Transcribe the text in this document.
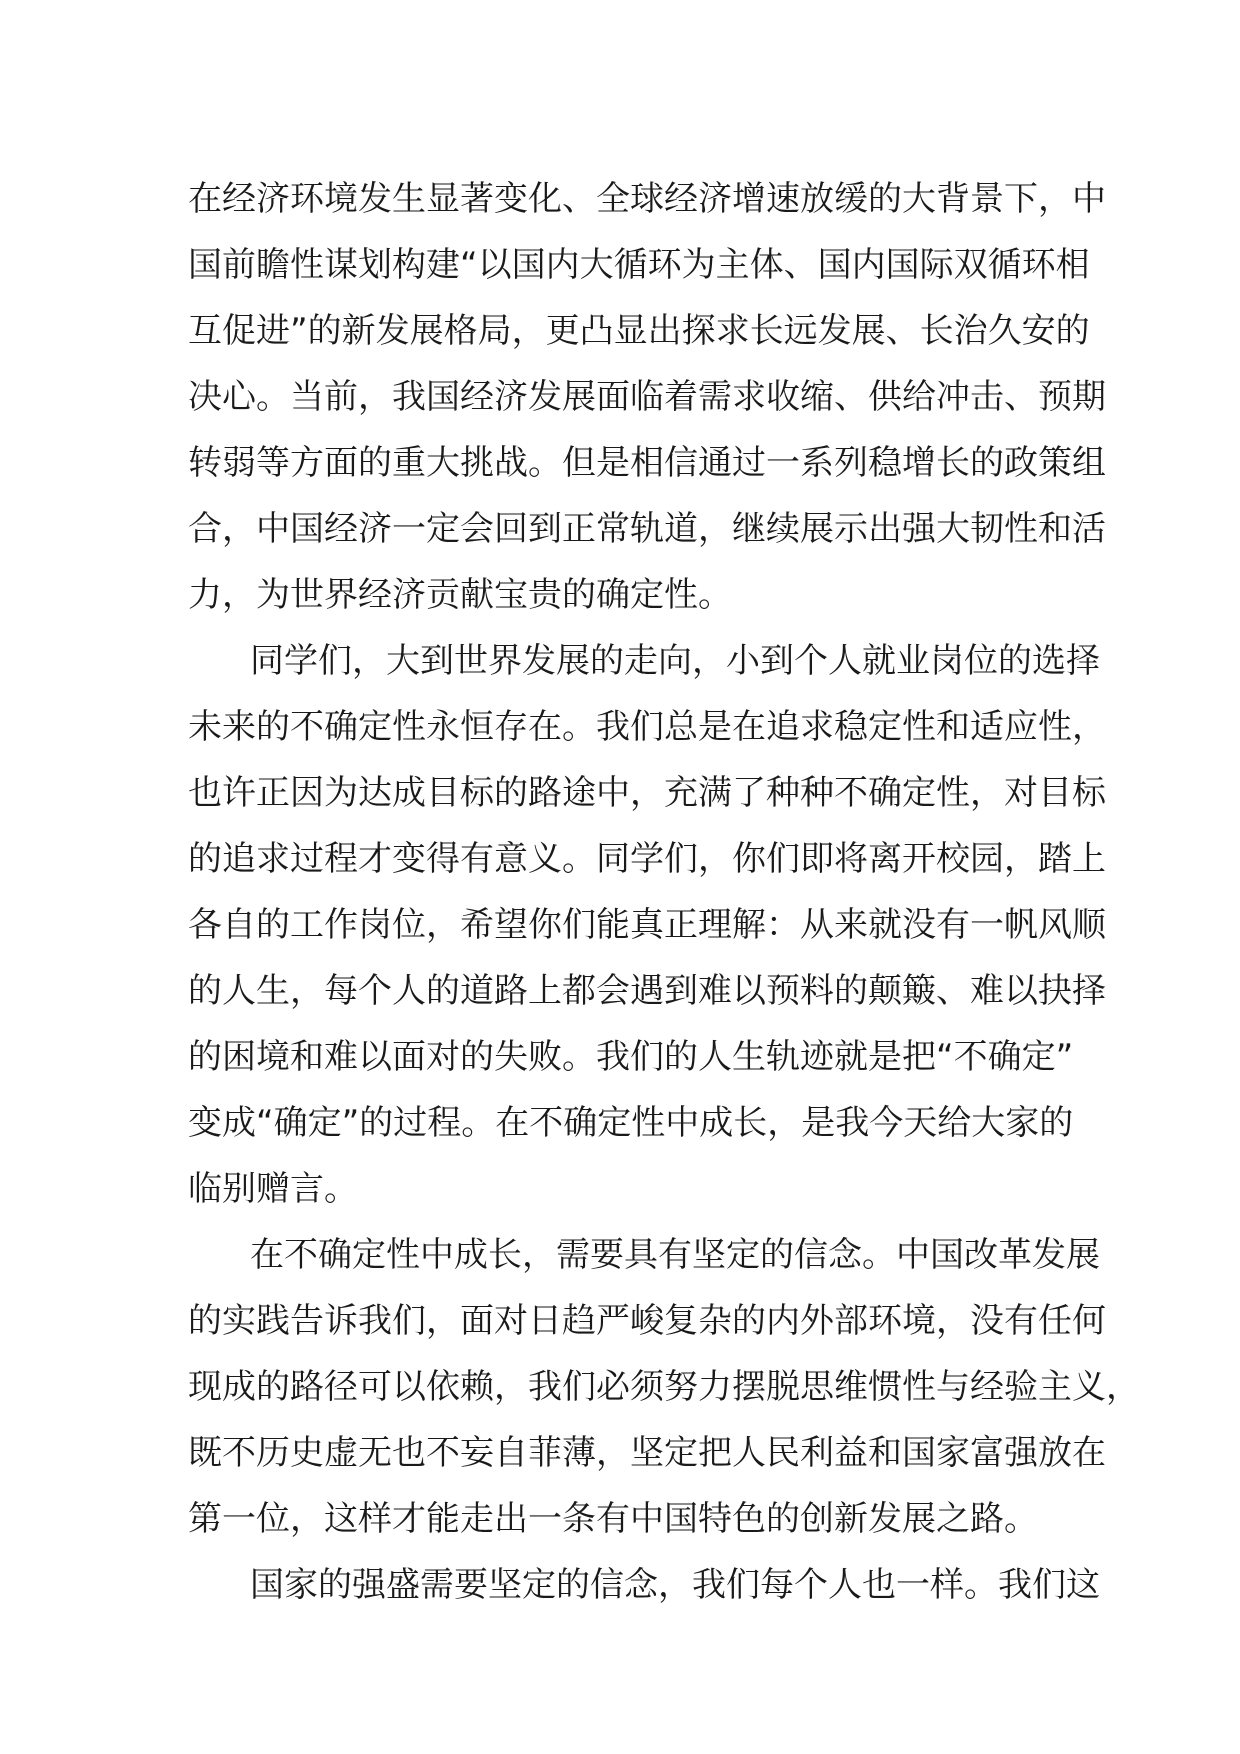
在经济环境发生显著变化、全球经济增速放缓的大背景下，中
国前瞻性谋划构建“以国内大循环为主体、国内国际双循环相
互促进”的新发展格局，更凸显出探求长远发展、长治久安的
决心。当前，我国经济发展面临着需求收缩、供给冲击、预期
转弱等方面的重大挑战。但是相信通过一系列稳增长的政策组
合，中国经济一定会回到正常轨道，继续展示出强大韧性和活
力，为世界经济贡献宝贵的确定性。
同学们，大到世界发展的走向，小到个人就业岗位的选择
未来的不确定性永恒存在。我们总是在追求稳定性和适应性，
也许正因为达成目标的路途中，充满了种种不确定性，对目标
的追求过程才变得有意义。同学们，你们即将离开校园，踏上
各自的工作岗位，希望你们能真正理解：从来就没有一帆风顺
的人生，每个人的道路上都会遇到难以预料的颠簸、难以抉择
的困境和难以面对的失败。我们的人生轨迹就是把“不确定”
变成“确定”的过程。在不确定性中成长，是我今天给大家的
临别赠言。
在不确定性中成长，需要具有坚定的信念。中国改革发展
的实践告诉我们，面对日趋严峻复杂的内外部环境，没有任何
现成的路径可以依赖，我们必须努力摆脱思维惯性与经验主义，
既不历史虚无也不妄自菲薄，坚定把人民利益和国家富强放在
第一位，这样才能走出一条有中国特色的创新发展之路。
国家的强盛需要坚定的信念，我们每个人也一样。我们这
